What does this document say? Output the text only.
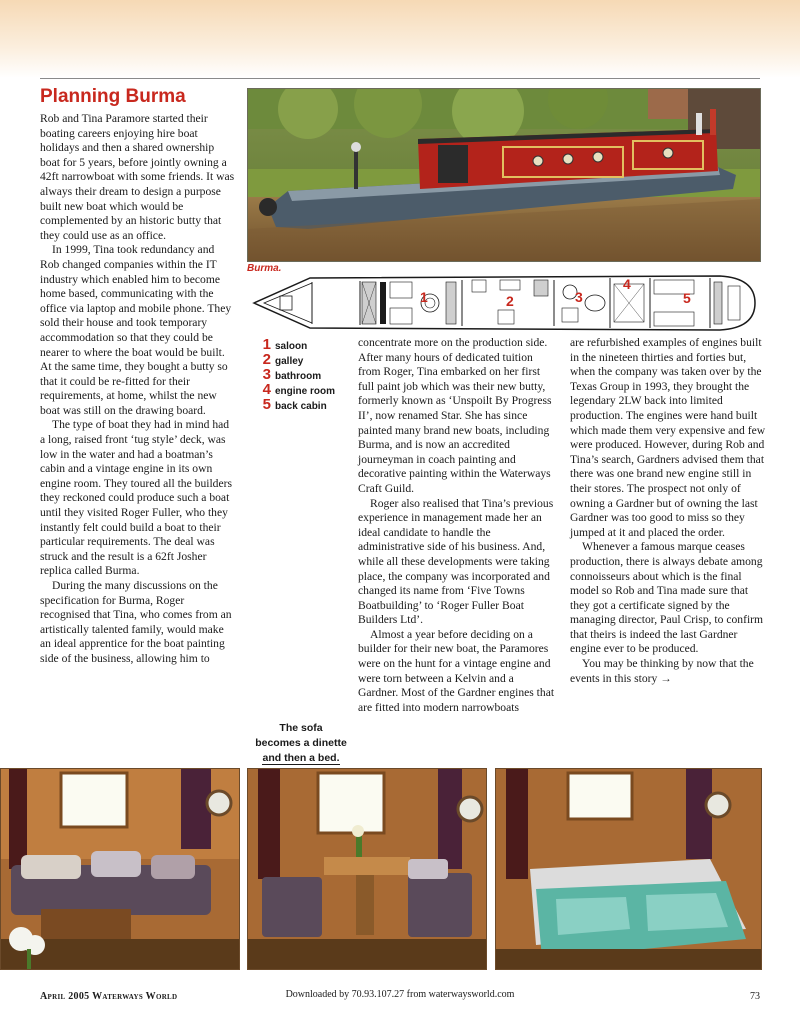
Planning Burma

Rob and Tina Paramore started their boating careers enjoying hire boat holidays and then a shared ownership boat for 5 years, before jointly owning a 42ft narrowboat with some friends. It was always their dream to design a purpose built new boat which would be complemented by an historic butty that they could use as an office.

In 1999, Tina took redundancy and Rob changed companies within the IT industry which enabled him to become home based, communicating with the office via laptop and mobile phone. They sold their house and took temporary accommodation so that they could be nearer to where the boat would be built. At the same time, they bought a butty so that it could be re-fitted for their requirements, at home, whilst the new boat was still on the drawing board.

The type of boat they had in mind had a long, raised front ‘tug style’ deck, was low in the water and had a boatman’s cabin and a vintage engine in its own engine room. They toured all the builders they reckoned could produce such a boat until they visited Roger Fuller, who they instantly felt could build a boat to their particular requirements. The deal was struck and the result is a 62ft Josher replica called Burma.

During the many discussions on the specification for Burma, Roger recognised that Tina, who comes from an artistically talented family, would make an ideal apprentice for the boat painting side of the business, allowing him to

Burma.
1	2	3
4
5
1 saloon
2 galley
3 bathroom
4 engine room
5 back cabin

concentrate more on the production side. After many hours of dedicated tuition from Roger, Tina embarked on her first full paint job which was their new butty, formerly known as ‘Unspoilt By Progress II’, now renamed Star. She has since painted many brand new boats, including Burma, and is now an accredited journeyman in coach painting and decorative painting within the Waterways Craft Guild.

Roger also realised that Tina’s previous experience in management made her an ideal candidate to handle the administrative side of his business. And, while all these developments were taking place, the company was incorporated and changed its name from ‘Five Towns Boatbuilding’ to ‘Roger Fuller Boat Builders Ltd’.

Almost a year before deciding on a builder for their new boat, the Paramores were on the hunt for a vintage engine and were torn between a Kelvin and a Gardner. Most of the Gardner engines that are fitted into modern narrowboats

are refurbished examples of engines built in the nineteen thirties and forties but, when the company was taken over by the Texas Group in 1993, they brought the legendary 2LW back into limited production. The engines were hand built which made them very expensive and few were produced. However, during Rob and Tina’s search, Gardners advised them that there was one brand new engine still in their stores. The prospect not only of owning a Gardner but of owning the last Gardner was too good to miss so they jumped at it and placed the order.

Whenever a famous marque ceases production, there is always debate among connoisseurs about which is the final model so Rob and Tina made sure that they got a certificate signed by the managing director, Paul Crisp, to confirm that theirs is indeed the last Gardner engine ever to be produced.

You may be thinking by now that the events in this story →

The sofa
becomes a dinette
and then a bed.
April 2005 Waterways World	Downloaded by 70.93.107.27 from waterwaysworld.com	73
